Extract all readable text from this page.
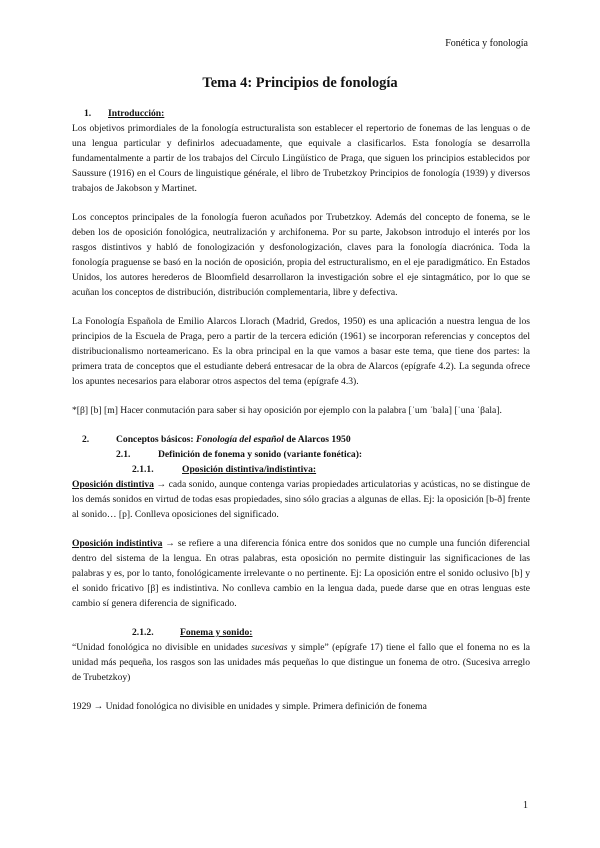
Fonética y fonología
Tema 4: Principios de fonología
1. Introducción:

Los objetivos primordiales de la fonología estructuralista son establecer el repertorio de fonemas de las lenguas o de una lengua particular y definirlos adecuadamente, que equivale a clasificarlos. Esta fonología se desarrolla fundamentalmente a partir de los trabajos del Círculo Lingüístico de Praga, que siguen los principios establecidos por Saussure (1916) en el Cours de linguistique générale, el libro de Trubetzkoy Principios de fonología (1939) y diversos trabajos de Jakobson y Martinet.

Los conceptos principales de la fonología fueron acuñados por Trubetzkoy. Además del concepto de fonema, se le deben los de oposición fonológica, neutralización y archifonema. Por su parte, Jakobson introdujo el interés por los rasgos distintivos y habló de fonologización y desfonologización, claves para la fonología diacrónica. Toda la fonología praguense se basó en la noción de oposición, propia del estructuralismo, en el eje paradigmático. En Estados Unidos, los autores herederos de Bloomfield desarrollaron la investigación sobre el eje sintagmático, por lo que se acuñan los conceptos de distribución, distribución complementaria, libre y defectiva.

La Fonología Española de Emilio Alarcos Llorach (Madrid, Gredos, 1950) es una aplicación a nuestra lengua de los principios de la Escuela de Praga, pero a partir de la tercera edición (1961) se incorporan referencias y conceptos del distribucionalismo norteamericano. Es la obra principal en la que vamos a basar este tema, que tiene dos partes: la primera trata de conceptos que el estudiante deberá entresacar de la obra de Alarcos (epígrafe 4.2). La segunda ofrece los apuntes necesarios para elaborar otros aspectos del tema (epígrafe 4.3).

*[β] [b] [m] Hacer conmutación para saber si hay oposición por ejemplo con la palabra [ˈum ˈbala] [ˈuna ˈβala].

2.	Conceptos básicos: Fonología del español de Alarcos 1950
2.1.	Definición de fonema y sonido (variante fonética):
2.1.1.	Oposición distintiva/indistintiva:

Oposición distintiva → cada sonido, aunque contenga varias propiedades articulatorias y acústicas, no se distingue de los demás sonidos en virtud de todas esas propiedades, sino sólo gracias a algunas de ellas. Ej: la oposición [b-ð] frente al sonido… [p]. Conlleva oposiciones del significado.

Oposición indistintiva → se refiere a una diferencia fónica entre dos sonidos que no cumple una función diferencial dentro del sistema de la lengua. En otras palabras, esta oposición no permite distinguir las significaciones de las palabras y es, por lo tanto, fonológicamente irrelevante o no pertinente. Ej: La oposición entre el sonido oclusivo [b] y el sonido fricativo [β] es indistintiva. No conlleva cambio en la lengua dada, puede darse que en otras lenguas este cambio sí genera diferencia de significado.

2.1.2.	Fonema y sonido:

“Unidad fonológica no divisible en unidades sucesivas y simple” (epígrafe 17) tiene el fallo que el fonema no es la unidad más pequeña, los rasgos son las unidades más pequeñas lo que distingue un fonema de otro. (Sucesiva arreglo de Trubetzkoy)

1929 → Unidad fonológica no divisible en unidades y simple. Primera definición de fonema

1
